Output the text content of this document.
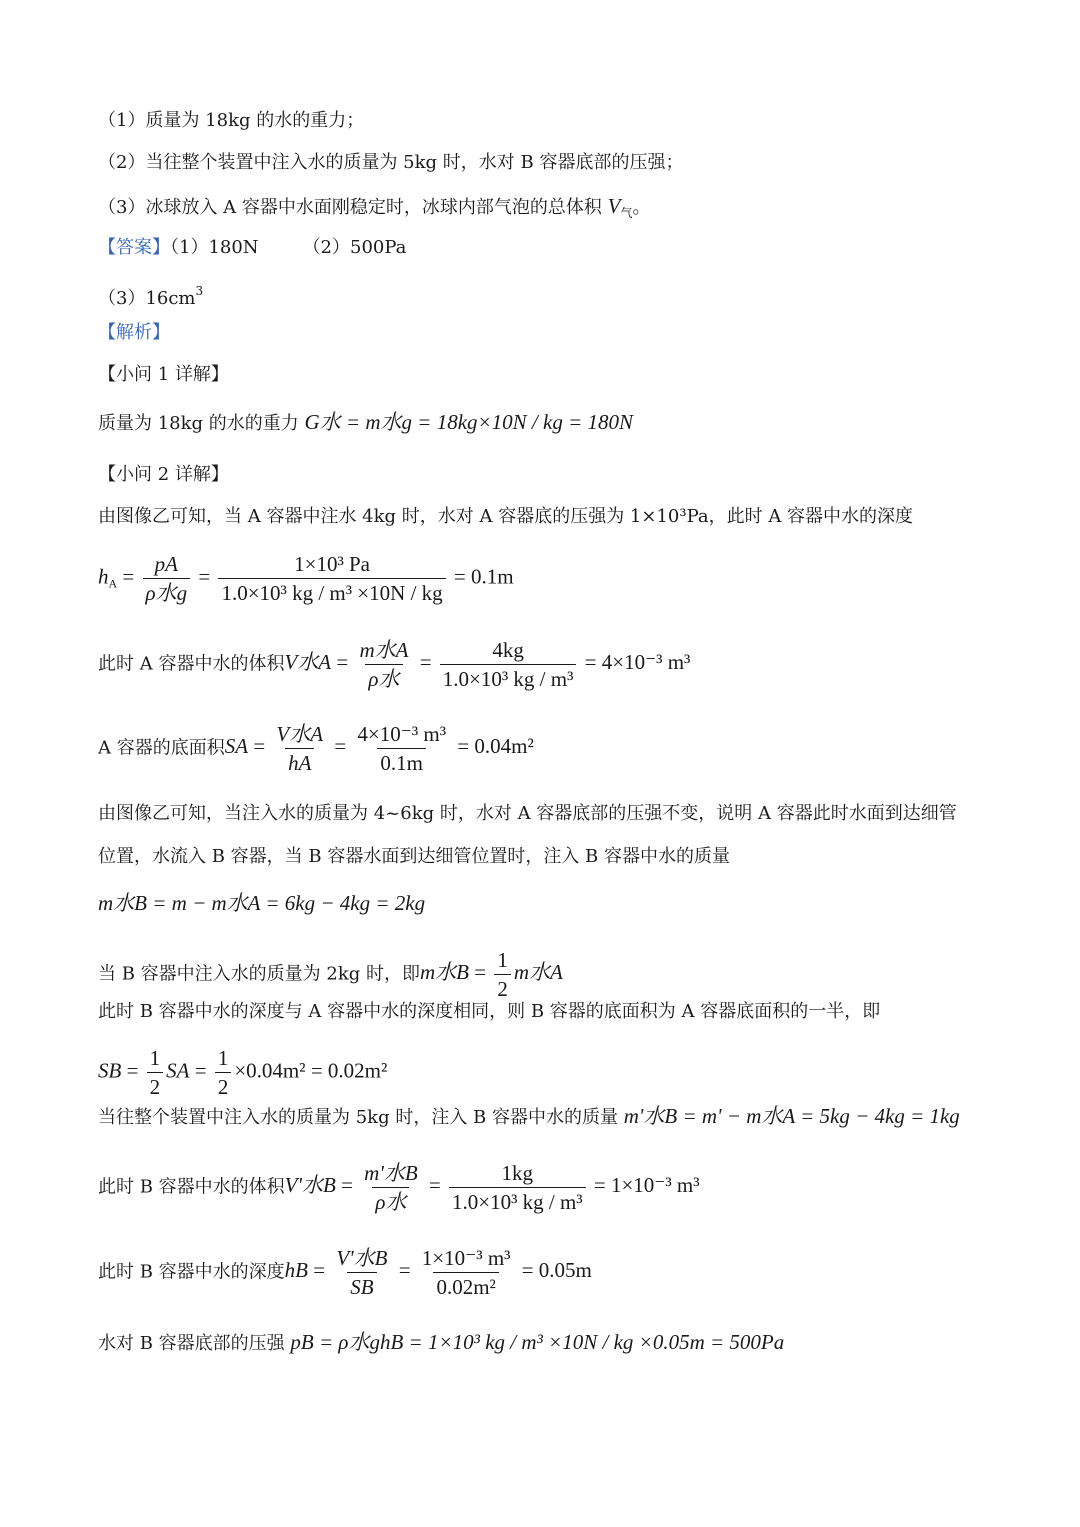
（1）质量为 18kg 的水的重力；
（2）当往整个装置中注入水的质量为 5kg 时，水对 B 容器底部的压强；
（3）冰球放入 A 容器中水面刚稳定时，冰球内部气泡的总体积 $V_气$。
【答案】（1）180N （2）500Pa
$(3)16cm^3$
【解析】
【小问 1 详解】
质量为 18kg 的水的重力 G水 = m水g = 18kg×10N / kg = 180N
【小问 2 详解】
由图像乙可知，当 A 容器中注水 4kg 时，水对 A 容器底的压强为 1×10³Pa，此时 A 容器中水的深度
$h_A = \frac{pA}{\text{ρ水g}} = \frac{\text{1×10³ Pa}}{\text{1.0×10³ kg / m³ ×10N / kg}} = 0.1m$
此时 A 容器中水的体积V水$A = \frac{\text{m水A}}{\text{ρ水}} = \frac{4kg}{\text{1.0×10³ kg / m³}} = 4\times 10^{-3}$ m³
A 容器的底面积SA = $\frac{\text{V水A}}{hA} = \frac{\text{4×10⁻³ m³}}{0.1m} = 0.04m^2$
由图像乙可知，当注入水的质量为 4~6kg 时，水对 A 容器底部的压强不变，说明 A 容器此时水面到达细管
位置，水流入 B 容器，当 B 容器水面到达细管位置时，注入 B 容器中水的质量
m水B = m − m水A = 6kg − 4kg = 2kg
当 B 容器中注入水的质量为 2kg 时，即m水$B = \frac{1}{2}$ m水A
此时 B 容器中水的深度与 A 容器中水的深度相同，则 B 容器的底面积为 A 容器底面积的一半，即
SB = $\frac{1}{2}$ SA = $\frac{1}{2} \times 0.04m^2 = 0.02m^2$
当往整个装置中注入水的质量为 5kg 时，注入 B 容器中水的质量 m'水B = m' − m水A = 5kg − 4kg = 1kg
此时 B 容器中水的体积V'水$B = \frac{\text{m'水B}}{\text{ρ水}} = \frac{1kg}{\text{1.0×10³ kg / m³}} = 1\times 10^{-3}$ m³
此时 B 容器中水的深度hB = $\frac{\text{V'水B}}{SB} = \frac{\text{1×10⁻³ m³}}{\text{0.02m²}} = 0.05m$
水对 B 容器底部的压强 pB = ρ水ghB = 1×10³ kg / m³ ×10N / kg ×0.05m = 500Pa
